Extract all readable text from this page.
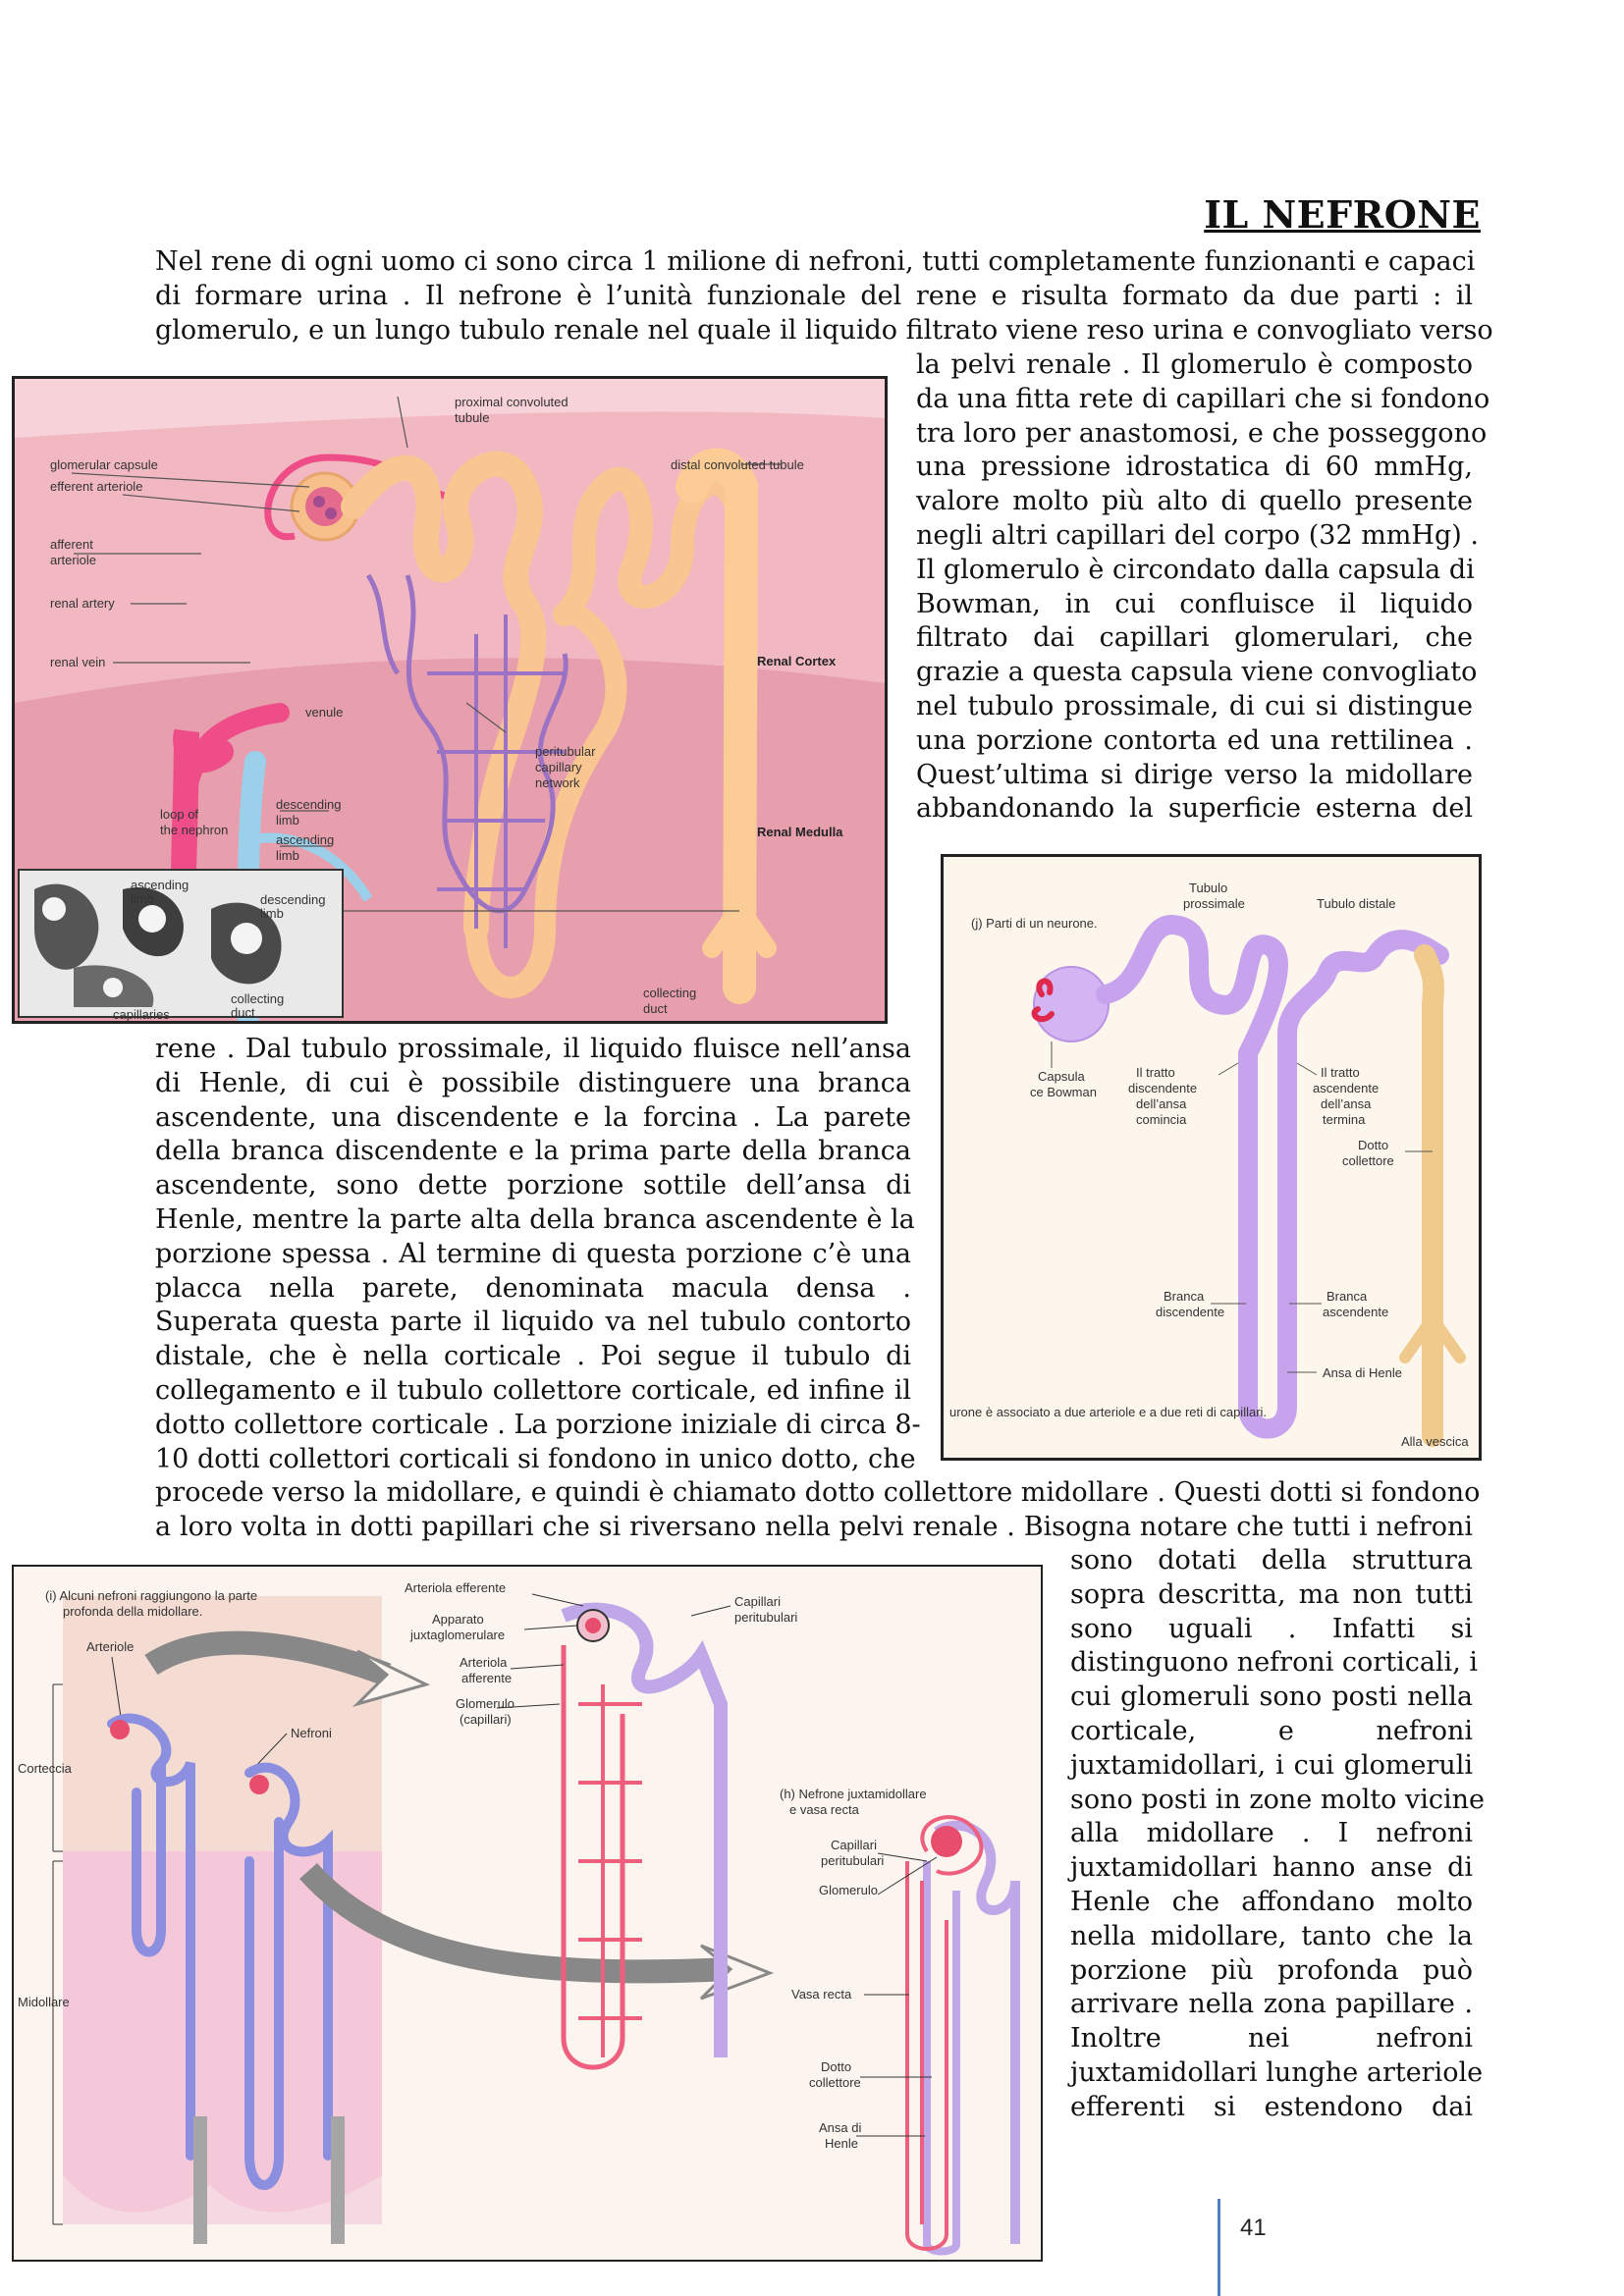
IL NEFRONE
Nel rene di ogni uomo ci sono circa 1 milione di nefroni, tutti completamente funzionanti e capaci
di formare urina . Il nefrone è l’unità funzionale del rene e risulta formato da due parti : il
glomerulo, e un lungo tubulo renale nel quale il liquido filtrato viene reso urina e convogliato verso
la pelvi renale . Il glomerulo è composto
da una fitta rete di capillari che si fondono
tra loro per anastomosi, e che posseggono
una pressione idrostatica di 60 mmHg,
valore molto più alto di quello presente
negli altri capillari del corpo (32 mmHg) .
Il glomerulo è circondato dalla capsula di
Bowman, in cui confluisce il liquido
filtrato dai capillari glomerulari, che
grazie a questa capsula viene convogliato
nel tubulo prossimale, di cui si distingue
una porzione contorta ed una rettilinea .
Quest’ultima si dirige verso la midollare
abbandonando la superficie esterna del
proximal convoluted
tubule
glomerular capsule
efferent arteriole
afferent
arteriole
renal artery
renal vein
venule
distal convoluted tubule
Renal Cortex
peritubular
capillary
network
descending
limb
ascending
limb
loop of
the nephron	Renal Medulla
collecting
duct
ascending
limb	descending
limb
collecting
duct
capillaries
(j) Parti di un neurone.
Tubulo
prossimale	Tubulo distale
Capsula
ce Bowman
Il tratto
discendente
dell’ansa
comincia
Il tratto
ascendente
dell’ansa
termina
Dotto
collettore
Branca
discendente
Branca
ascendente
Ansa di Henle
urone è associato a due arteriole e a due reti di capillari.
Alla vescica
rene . Dal tubulo prossimale, il liquido fluisce nell’ansa
di Henle, di cui è possibile distinguere una branca
ascendente, una discendente e la forcina . La parete
della branca discendente e la prima parte della branca
ascendente, sono dette porzione sottile dell’ansa di
Henle, mentre la parte alta della branca ascendente è la
porzione spessa . Al termine di questa porzione c’è una
placca nella parete, denominata macula densa .
Superata questa parte il liquido va nel tubulo contorto
distale, che è nella corticale . Poi segue il tubulo di
collegamento e il tubulo collettore corticale, ed infine il
dotto collettore corticale . La porzione iniziale di circa 8-
10 dotti collettori corticali si fondono in unico dotto, che
procede verso la midollare, e quindi è chiamato dotto collettore midollare . Questi dotti si fondono
a loro volta in dotti papillari che si riversano nella pelvi renale . Bisogna notare che tutti i nefroni
(i) Alcuni nefroni raggiungono la parte
profonda della midollare.
Arteriole
Nefroni
Corteccia
Midollare
Arteriola efferente
Apparato
juxtaglomerulare
Arteriola
afferente
Glomerulo
(capillari)
Capillari
peritubulari
(h) Nefrone juxtamidollare
e vasa recta
Capillari
peritubulari
Glomerulo
Vasa recta
Dotto
collettore
Ansa di
Henle
sono dotati della struttura
sopra descritta, ma non tutti
sono uguali . Infatti si
distinguono nefroni corticali, i
cui glomeruli sono posti nella
corticale, e nefroni
juxtamidollari, i cui glomeruli
sono posti in zone molto vicine
alla midollare . I nefroni
juxtamidollari hanno anse di
Henle che affondano molto
nella midollare, tanto che la
porzione più profonda può
arrivare nella zona papillare .
Inoltre nei nefroni
juxtamidollari lunghe arteriole
efferenti si estendono dai
41
